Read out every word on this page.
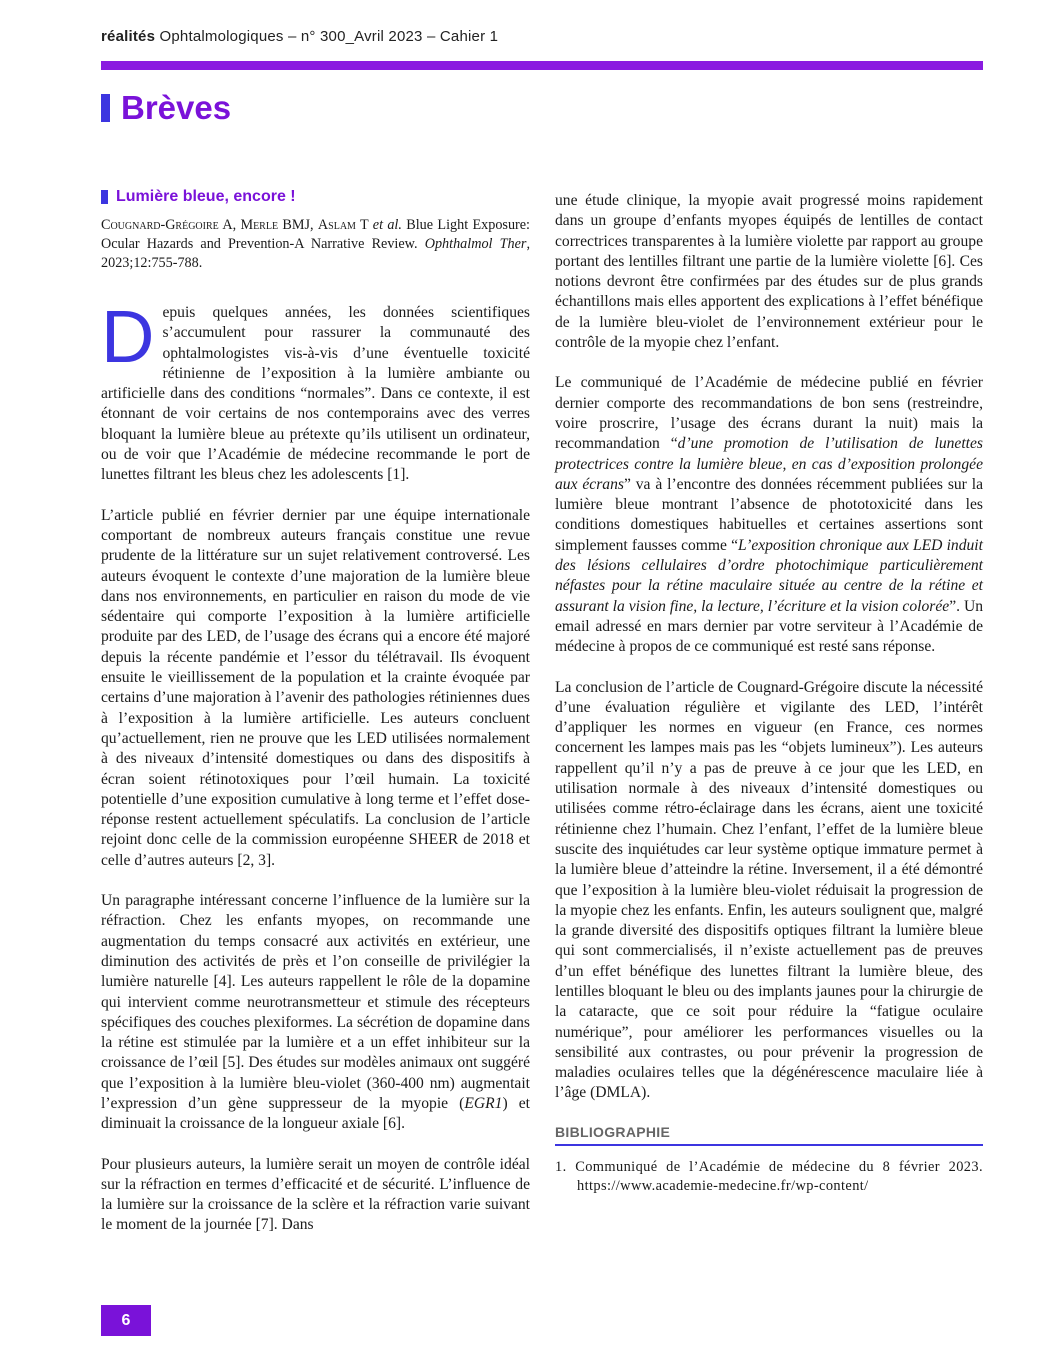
réalités Ophtalmologiques – n° 300_Avril 2023 – Cahier 1
Brèves
Lumière bleue, encore !

Cougnard-Grégoire A, Merle BMJ, Aslam T et al. Blue Light Exposure: Ocular Hazards and Prevention-A Narrative Review. Ophthalmol Ther, 2023;12:755-788.

Depuis quelques années, les données scientifiques s’accumulent pour rassurer la communauté des ophtalmologistes vis-à-vis d’une éventuelle toxicité rétinienne de l’exposition à la lumière ambiante ou artificielle dans des conditions “normales”. Dans ce contexte, il est étonnant de voir certains de nos contemporains avec des verres bloquant la lumière bleue au prétexte qu’ils utilisent un ordinateur, ou de voir que l’Académie de médecine recommande le port de lunettes filtrant les bleus chez les adolescents [1].

L’article publié en février dernier par une équipe internationale comportant de nombreux auteurs français constitue une revue prudente de la littérature sur un sujet relativement controversé. Les auteurs évoquent le contexte d’une majoration de la lumière bleue dans nos environnements, en particulier en raison du mode de vie sédentaire qui comporte l’exposition à la lumière artificielle produite par des LED, de l’usage des écrans qui a encore été majoré depuis la récente pandémie et l’essor du télétravail. Ils évoquent ensuite le vieillissement de la population et la crainte évoquée par certains d’une majoration à l’avenir des pathologies rétiniennes dues à l’exposition à la lumière artificielle. Les auteurs concluent qu’actuellement, rien ne prouve que les LED utilisées normalement à des niveaux d’intensité domestiques ou dans des dispositifs à écran soient rétinotoxiques pour l’œil humain. La toxicité potentielle d’une exposition cumulative à long terme et l’effet dose-réponse restent actuellement spéculatifs. La conclusion de l’article rejoint donc celle de la commission européenne SHEER de 2018 et celle d’autres auteurs [2, 3].

Un paragraphe intéressant concerne l’influence de la lumière sur la réfraction. Chez les enfants myopes, on recommande une augmentation du temps consacré aux activités en extérieur, une diminution des activités de près et l’on conseille de privilégier la lumière naturelle [4]. Les auteurs rappellent le rôle de la dopamine qui intervient comme neurotransmetteur et stimule des récepteurs spécifiques des couches plexiformes. La sécrétion de dopamine dans la rétine est stimulée par la lumière et a un effet inhibiteur sur la croissance de l’œil [5]. Des études sur modèles animaux ont suggéré que l’exposition à la lumière bleu-violet (360-400 nm) augmentait l’expression d’un gène suppresseur de la myopie (EGR1) et diminuait la croissance de la longueur axiale [6].

Pour plusieurs auteurs, la lumière serait un moyen de contrôle idéal sur la réfraction en termes d’efficacité et de sécurité. L’influence de la lumière sur la croissance de la sclère et la réfraction varie suivant le moment de la journée [7]. Dans

une étude clinique, la myopie avait progressé moins rapidement dans un groupe d’enfants myopes équipés de lentilles de contact correctrices transparentes à la lumière violette par rapport au groupe portant des lentilles filtrant une partie de la lumière violette [6]. Ces notions devront être confirmées par des études sur de plus grands échantillons mais elles apportent des explications à l’effet bénéfique de la lumière bleu-violet de l’environnement extérieur pour le contrôle de la myopie chez l’enfant.

Le communiqué de l’Académie de médecine publié en février dernier comporte des recommandations de bon sens (restreindre, voire proscrire, l’usage des écrans durant la nuit) mais la recommandation “d’une promotion de l’utilisation de lunettes protectrices contre la lumière bleue, en cas d’exposition prolongée aux écrans” va à l’encontre des données récemment publiées sur la lumière bleue montrant l’absence de phototoxicité dans les conditions domestiques habituelles et certaines assertions sont simplement fausses comme “L’exposition chronique aux LED induit des lésions cellulaires d’ordre photochimique particulièrement néfastes pour la rétine maculaire située au centre de la rétine et assurant la vision fine, la lecture, l’écriture et la vision colorée”. Un email adressé en mars dernier par votre serviteur à l’Académie de médecine à propos de ce communiqué est resté sans réponse.

La conclusion de l’article de Cougnard-Grégoire discute la nécessité d’une évaluation régulière et vigilante des LED, l’intérêt d’appliquer les normes en vigueur (en France, ces normes concernent les lampes mais pas les “objets lumineux”). Les auteurs rappellent qu’il n’y a pas de preuve à ce jour que les LED, en utilisation normale à des niveaux d’intensité domestiques ou utilisées comme rétro-éclairage dans les écrans, aient une toxicité rétinienne chez l’humain. Chez l’enfant, l’effet de la lumière bleue suscite des inquiétudes car leur système optique immature permet à la lumière bleue d’atteindre la rétine. Inversement, il a été démontré que l’exposition à la lumière bleu-violet réduisait la progression de la myopie chez les enfants. Enfin, les auteurs soulignent que, malgré la grande diversité des dispositifs optiques filtrant la lumière bleue qui sont commercialisés, il n’existe actuellement pas de preuves d’un effet bénéfique des lunettes filtrant la lumière bleue, des lentilles bloquant le bleu ou des implants jaunes pour la chirurgie de la cataracte, que ce soit pour réduire la “fatigue oculaire numérique”, pour améliorer les performances visuelles ou la sensibilité aux contrastes, ou pour prévenir la progression de maladies oculaires telles que la dégénérescence maculaire liée à l’âge (DMLA).

BIBLIOGRAPHIE

1. Communiqué de l’Académie de médecine du 8 février 2023. https://www.academie-medecine.fr/wp-content/

6
